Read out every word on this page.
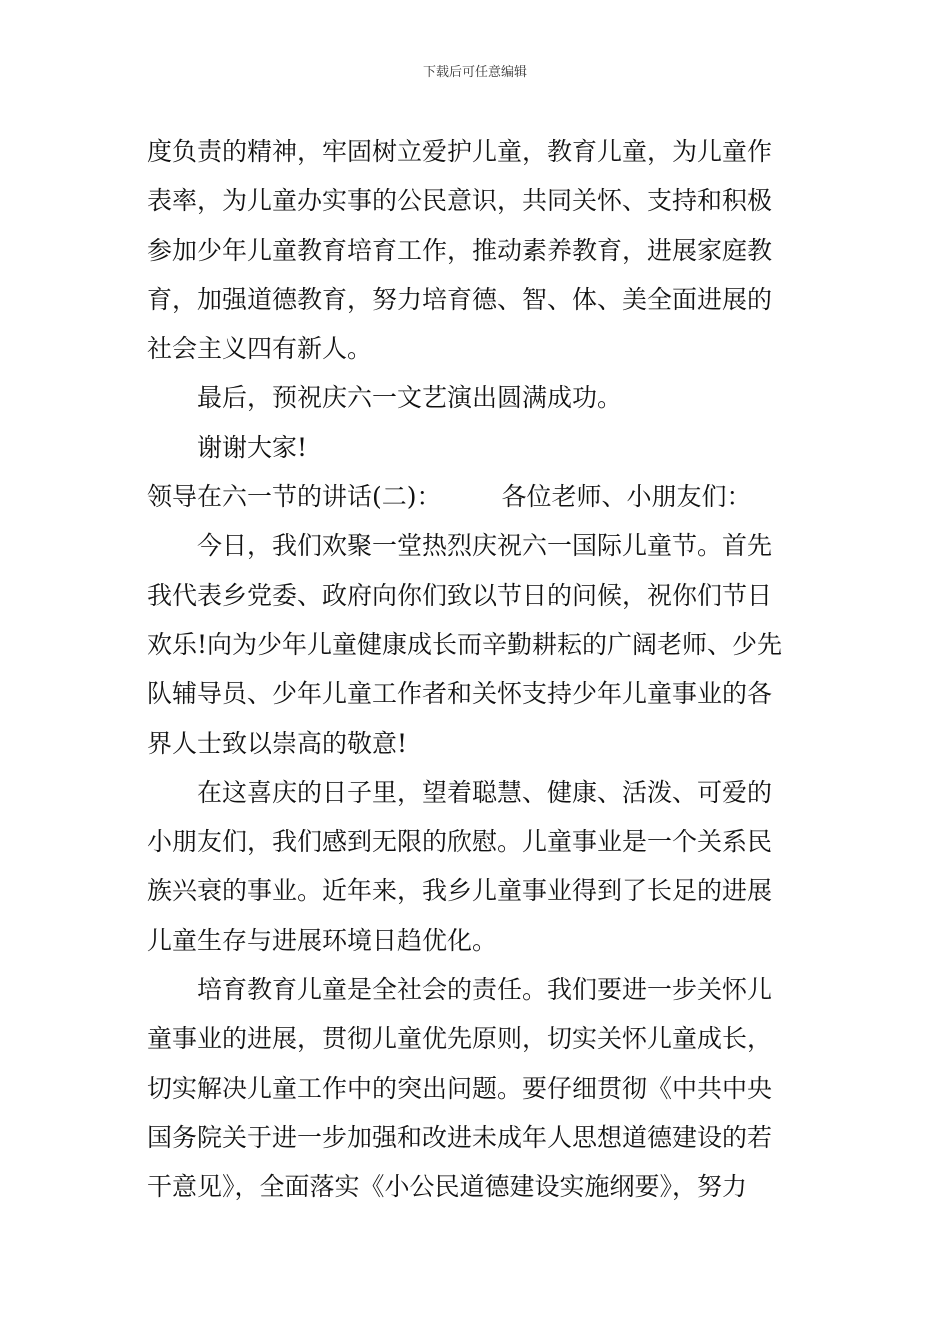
下载后可任意编辑
度负责的精神，牢固树立爱护儿童，教育儿童，为儿童作
表率，为儿童办实事的公民意识，共同关怀、支持和积极
参加少年儿童教育培育工作，推动素养教育，进展家庭教
育，加强道德教育，努力培育德、智、体、美全面进展的
社会主义四有新人。
最后，预祝庆六一文艺演出圆满成功。
谢谢大家!
领导在六一节的讲话(二)： 各位老师、小朋友们：
今日，我们欢聚一堂热烈庆祝六一国际儿童节。首先
我代表乡党委、政府向你们致以节日的问候，祝你们节日
欢乐!向为少年儿童健康成长而辛勤耕耘的广阔老师、少先
队辅导员、少年儿童工作者和关怀支持少年儿童事业的各
界人士致以崇高的敬意!
在这喜庆的日子里，望着聪慧、健康、活泼、可爱的
小朋友们，我们感到无限的欣慰。儿童事业是一个关系民
族兴衰的事业。近年来，我乡儿童事业得到了长足的进展
儿童生存与进展环境日趋优化。
培育教育儿童是全社会的责任。我们要进一步关怀儿
童事业的进展，贯彻儿童优先原则，切实关怀儿童成长，
切实解决儿童工作中的突出问题。要仔细贯彻《中共中央
国务院关于进一步加强和改进未成年人思想道德建设的若
干意见》，全面落实《小公民道德建设实施纲要》，努力
